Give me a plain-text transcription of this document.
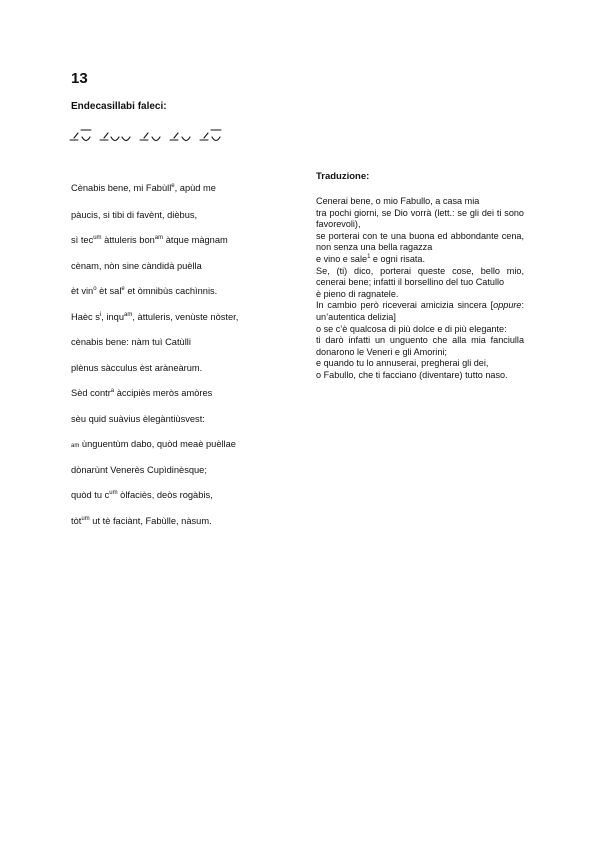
13
Endecasillabi faleci:
Cènabis bene, mi Fabùll$^e$, apùd me
pàucis, si tibi di favènt, dièbus,
sì tec$^{um}$ àttuleris bon$^{am}$ àtque màgnam
cènam, nòn sine càndidà puèlla
èt vin$^o$ èt sal$^e$ et òmnibùs cachìnnis.
Haèc $s^i$, inqu$^{am}$, àttuleris, venùste nòster,
cènabis bene: nàm tuì Catùlli
plènus sàcculus èst aràneàrum.
Sèd contr$^a$ àccipiès meròs amòres
sèu quid suàvius èlegàntiùsvest:
am ùnguentùm dabo, quòd meaè puèllae
dònarùnt Venerès Cupìdinèsque;
quòd tu $c^{um}$ òlfaciès, deòs rogàbis,
tòt$^{um}$ ut tè faciànt, Fabùlle, nàsum.
Traduzione:

Cenerai bene, o mio Fabullo, a casa mia

tra pochi giorni, se Dio vorrà (lett.: se gli dei ti sono favorevoli),

se porterai con te una buona ed abbondante cena, non senza una bella ragazza

e vino e sale$^1$ e ogni risata.

Se, (ti) dico, porterai queste cose, bello mio, cenerai bene; infatti il borsellino del tuo Catullo

è pieno di ragnatele.

In cambio però riceverai amicizia sincera [oppure: un’autentica delizia]

o se c’è qualcosa di più dolce e di più elegante:

ti darò infatti un unguento che alla mia fanciulla donarono le Veneri e gli Amorini;

e quando tu lo annuserai, pregherai gli dei,

o Fabullo, che ti facciano (diventare) tutto naso.
